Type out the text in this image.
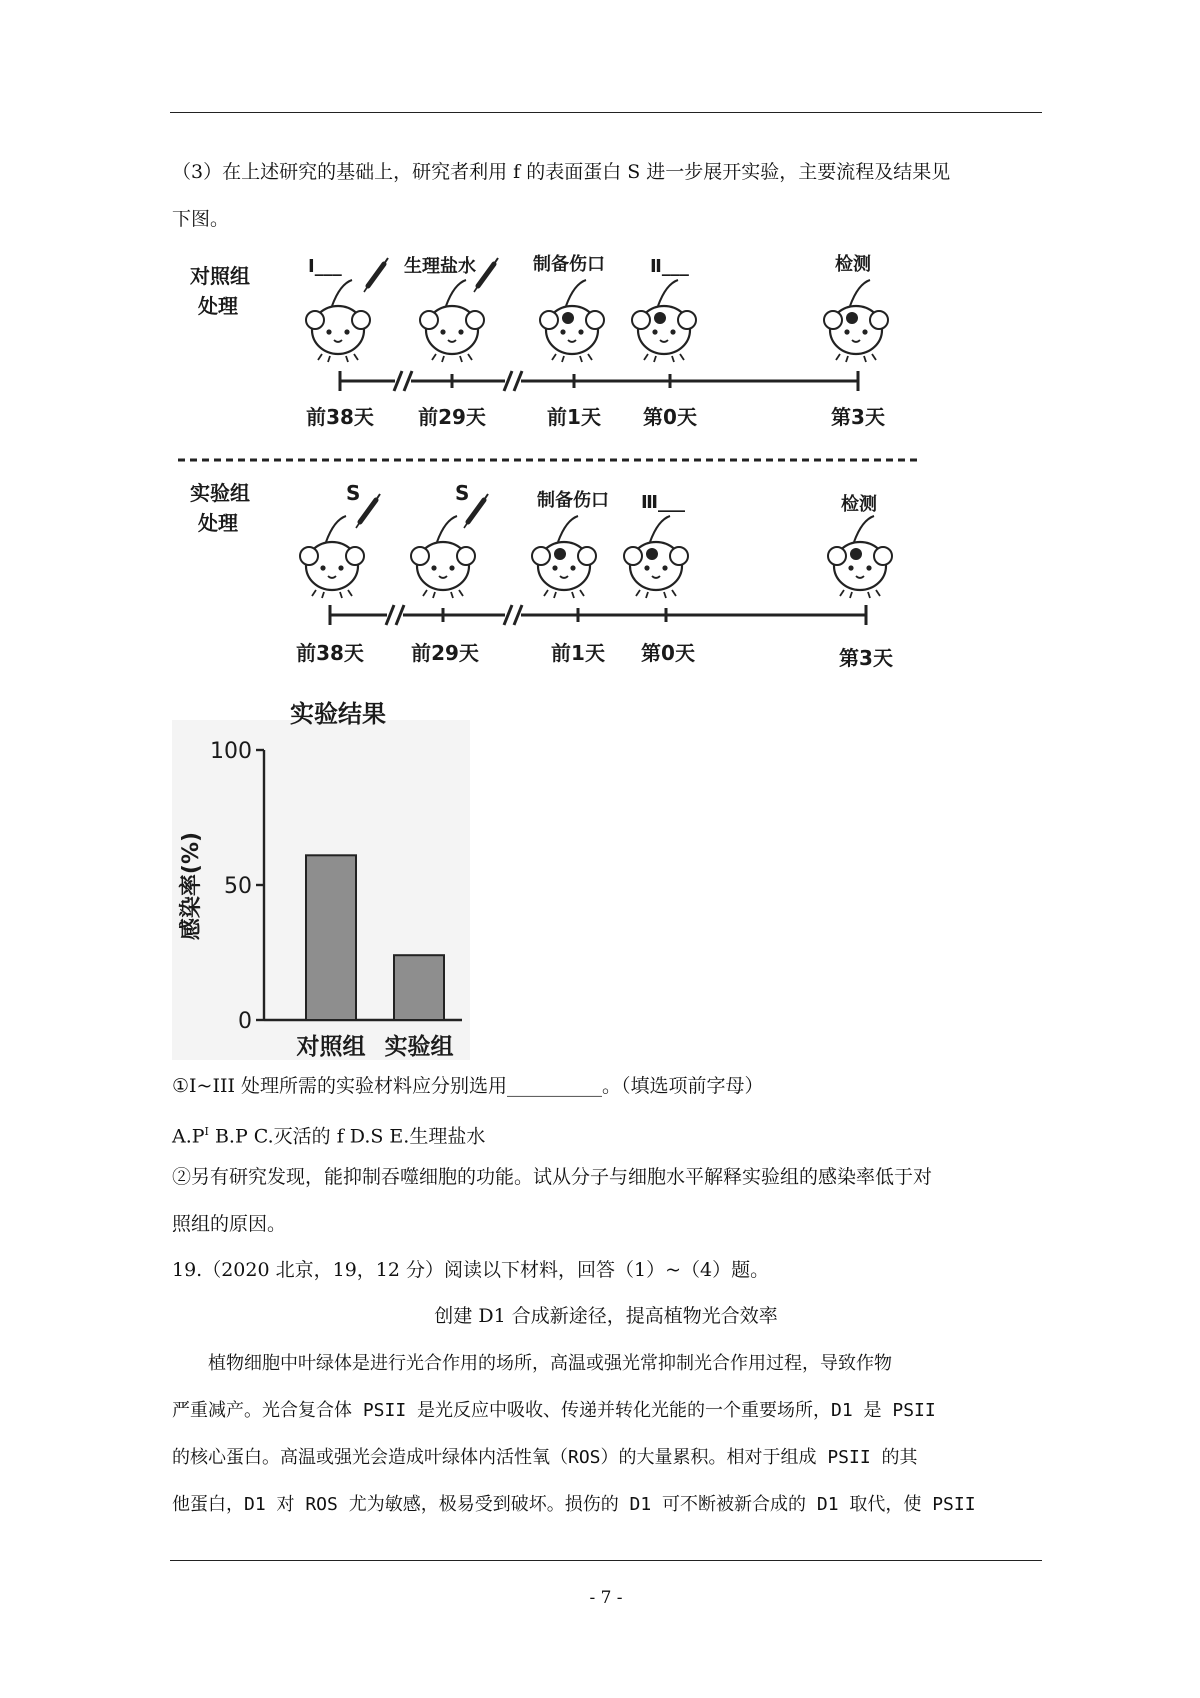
（3）在上述研究的基础上，研究者利用 f 的表面蛋白 S 进一步展开实验，主要流程及结果见

下图。

对照组
处理
Ⅰ___	生理盐水	制备伤口	Ⅱ___	检测
前38天 前29天	前1天 第0天	第3天
实验组
处理
S	S	制备伤口 Ⅲ___	检测
前38天 前29天	前1天 第0天	第3天
实验结果
感染率(%)
0
50
100
对照组 实验组

①I~III 处理所需的实验材料应分别选用__________。（填选项前字母）

$A.P^I$ B.P C.灭活的 f D.S E.生理盐水

②另有研究发现，能抑制吞噬细胞的功能。试从分子与细胞水平解释实验组的感染率低于对

照组的原因。

19.（2020 北京，19，12 分）阅读以下材料，回答（1）~（4）题。

创建 D1 合成新途径，提高植物光合效率

　　植物细胞中叶绿体是进行光合作用的场所，高温或强光常抑制光合作用过程，导致作物

严重减产。光合复合体 PSII 是光反应中吸收、传递并转化光能的一个重要场所，D1 是 PSII

的核心蛋白。高温或强光会造成叶绿体内活性氧（ROS）的大量累积。相对于组成 PSII 的其

他蛋白，D1 对 ROS 尤为敏感，极易受到破坏。损伤的 D1 可不断被新合成的 D1 取代，使 PSII

- 7 -
